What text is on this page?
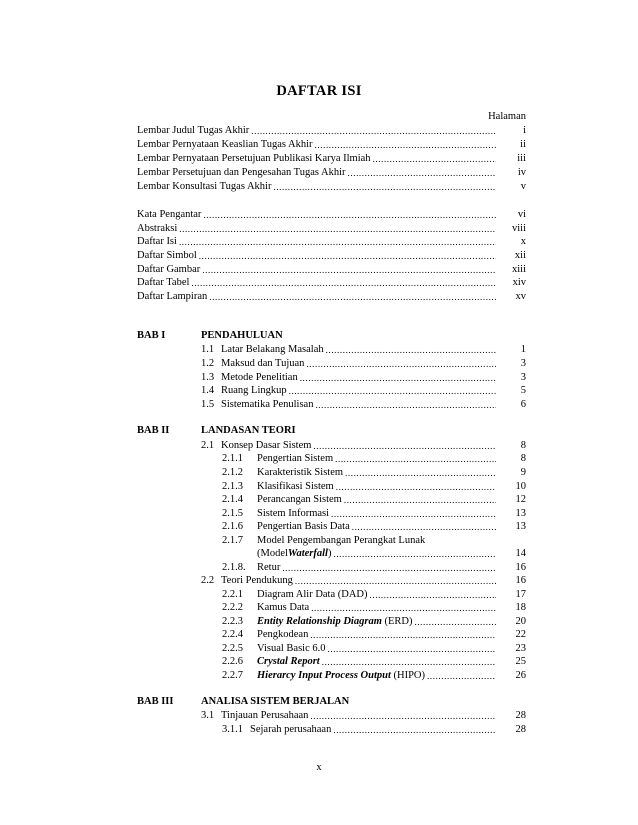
DAFTAR ISI
Halaman
Lembar Judul Tugas Akhir .....	i
Lembar Pernyataan Keaslian Tugas Akhir .....	ii
Lembar Pernyataan Persetujuan Publikasi Karya Ilmiah .....	iii
Lembar Persetujuan dan Pengesahan Tugas Akhir .....	iv
Lembar Konsultasi Tugas Akhir .....	v
Kata Pengantar .....	vi
Abstraksi .....	viii
Daftar Isi .....	x
Daftar Simbol .....	xii
Daftar Gambar .....	xiii
Daftar Tabel .....	xiv
Daftar Lampiran .....	xv
BAB I	PENDAHULUAN
1.1 Latar Belakang Masalah .....	1
1.2 Maksud dan Tujuan .....	3
1.3 Metode Penelitian .....	3
1.4 Ruang Lingkup .....	5
1.5 Sistematika Penulisan .....	6
BAB II	LANDASAN TEORI
2.1 Konsep Dasar Sistem .....	8
2.1.1	Pengertian Sistem .....	8
2.1.2	Karakteristik Sistem .....	9
2.1.3	Klasifikasi Sistem .....	10
2.1.4	Perancangan Sistem .....	12
2.1.5	Sistem Informasi .....	13
2.1.6	Pengertian Basis Data .....	13
2.1.7	Model Pengembangan Perangkat Lunak
(Model Waterfall ) .....	14
2.1.8.	Retur .....	16
2.2 Teori Pendukung .....	16
2.2.1	Diagram Alir Data (DAD) .....	17
2.2.2	Kamus Data .....	18
2.2.3	Entity Relationship Diagram (ERD) .....	20
2.2.4	Pengkodean .....	22
2.2.5	Visual Basic 6.0 .....	23
2.2.6	Crystal Report .....	25
2.2.7	Hierarcy Input Process Output (HIPO) .....	26
BAB III	ANALISA SISTEM BERJALAN
3.1 Tinjauan Perusahaan .....	28
3.1.1 Sejarah perusahaan .....	28
x
